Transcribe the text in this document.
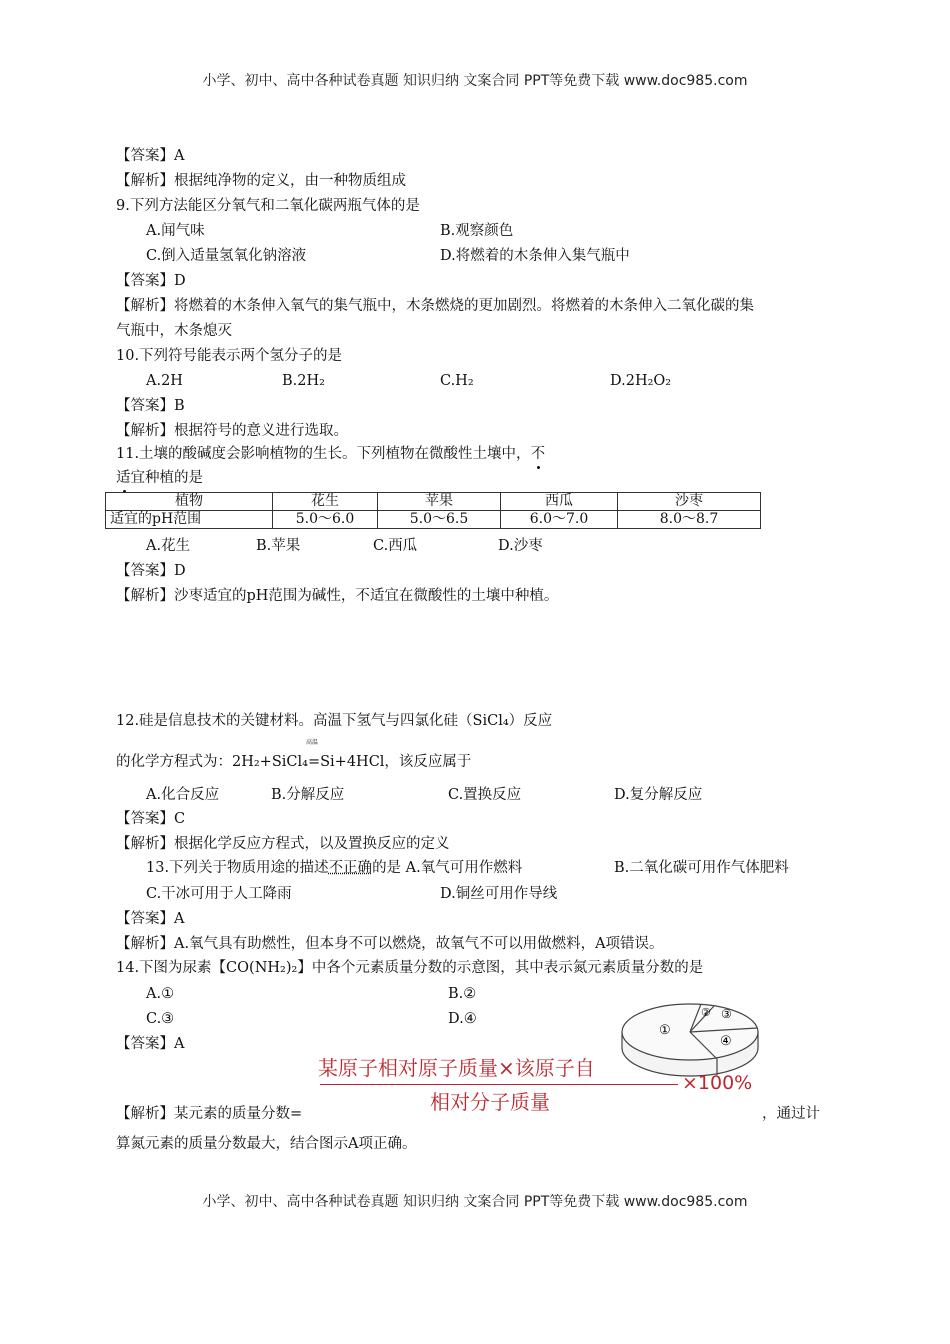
小学、初中、高中各种试卷真题 知识归纳 文案合同 PPT等免费下载 www.doc985.com
【答案】A
【解析】根据纯净物的定义，由一种物质组成
9.下列方法能区分氧气和二氧化碳两瓶气体的是
A.闻气味	B.观察颜色
C.倒入适量氢氧化钠溶液	D.将燃着的木条伸入集气瓶中
【答案】D
【解析】将燃着的木条伸入氧气的集气瓶中，木条燃烧的更加剧烈。将燃着的木条伸入二氧化碳的集
气瓶中，木条熄灭
10.下列符号能表示两个氢分子的是
A.2H	B.2H₂	C.H₂	D.2H₂O₂
【答案】B
【解析】根据符号的意义进行选取。
11.土壤的酸碱度会影响植物的生长。下列植物在微酸性土壤中，不
适宜种植的是
植物	花生	苹果	西瓜	沙枣
适宜的pH范围	5.0～6.0	5.0～6.5	6.0～7.0	8.0～8.7
A.花生	B.苹果	C.西瓜	D.沙枣
【答案】D
【解析】沙枣适宜的pH范围为碱性，不适宜在微酸性的土壤中种植。
12.硅是信息技术的关键材料。高温下氢气与四氯化硅（SiCl₄）反应
的化学方程式为：2H₂+SiCl₄
高温
=Si+4HCl，该反应属于
A.化合反应	B.分解反应	C.置换反应	D.复分解反应
【答案】C
【解析】根据化学反应方程式，以及置换反应的定义
13.下列关于物质用途的描述不正确的是 A.氧气可用作燃料	B.二氧化碳可用作气体肥料
C.干冰可用于人工降雨	D.铜丝可用作导线
【答案】A
【解析】A.氧气具有助燃性，但本身不可以燃烧，故氧气不可以用做燃料，A项错误。
14.下图为尿素【CO(NH₂)₂】中各个元素质量分数的示意图，其中表示氮元素质量分数的是
A.①	B.②
C.③	D.④
【答案】A
①
② ③
④
某原子相对原子质量×该原子自
相对分子质量
×100%
【解析】某元素的质量分数=	，通过计
算氮元素的质量分数最大，结合图示A项正确。
小学、初中、高中各种试卷真题 知识归纳 文案合同 PPT等免费下载 www.doc985.com
